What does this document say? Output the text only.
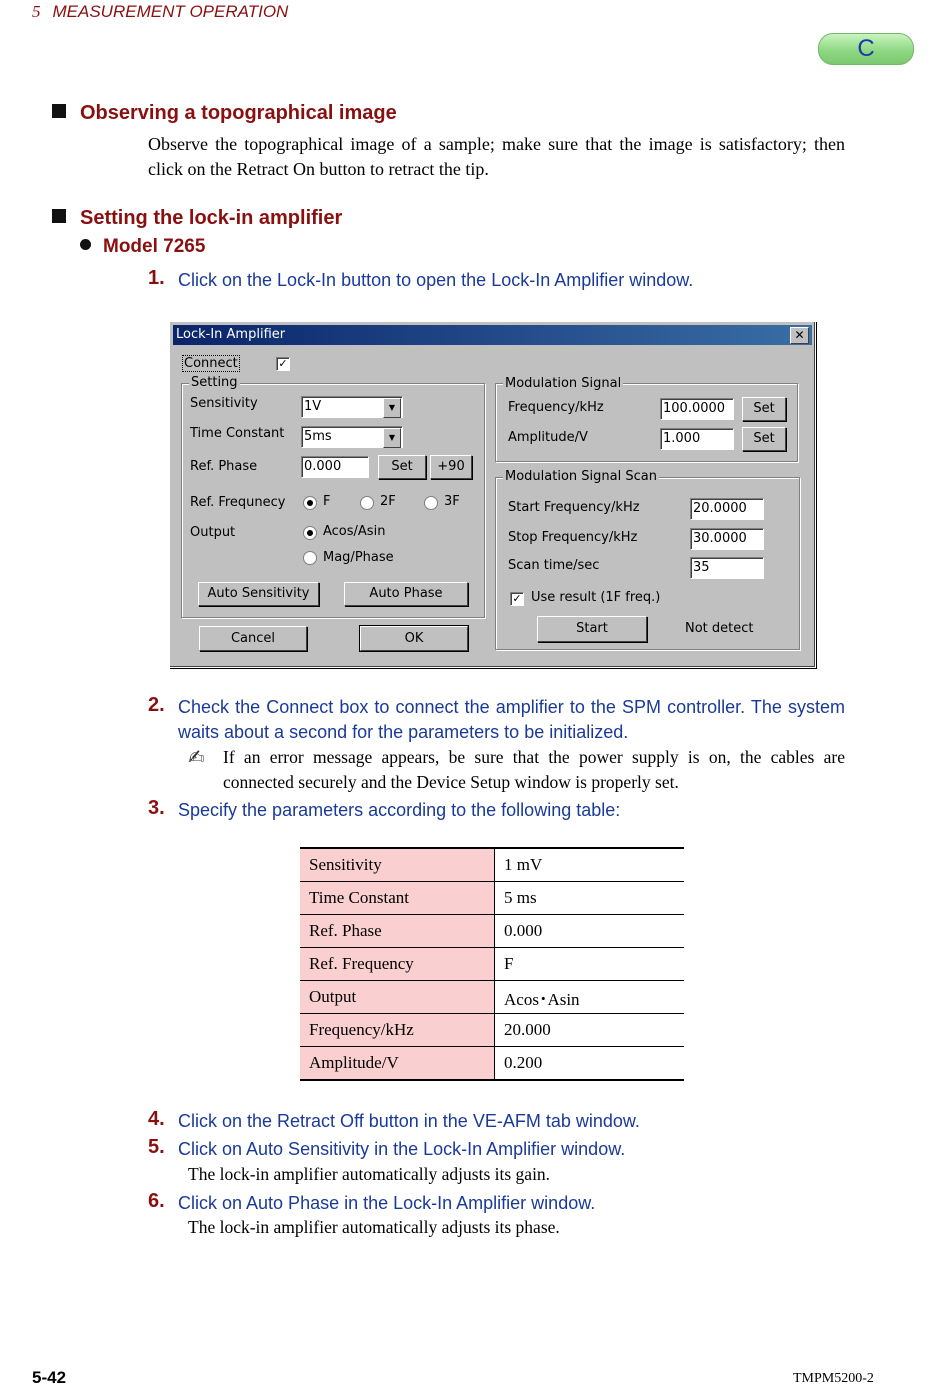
5 MEASUREMENT OPERATION
C
Observing a topographical image
Observe the topographical image of a sample; make sure that the image is satisfactory; then click on the Retract On button to retract the tip.
Setting the lock-in amplifier
Model 7265
1. Click on the Lock-In button to open the Lock-In Amplifier window.
Lock-In Amplifier	✕
Connect	✓
Setting
Sensitivity	1V	▼
Time Constant 5ms	▼
Ref. Phase	0.000	Set	+90
Ref. Frequnecy	F	2F	3F
Output	Acos/Asin
Mag/Phase
Auto Sensitivity	Auto Phase
Cancel	OK
Modulation Signal
Frequency/kHz	100.0000	Set
Amplitude/V	1.000	Set
Modulation Signal Scan
Start Frequency/kHz	20.0000
Stop Frequency/kHz	30.0000
Scan time/sec	35
✓ Use result (1F freq.)
Start	Not detect
2. Check the Connect box to connect the amplifier to the SPM controller. The system waits about a second for the parameters to be initialized.
✍ If an error message appears, be sure that the power supply is on, the cables are connected securely and the Device Setup window is properly set.
3. Specify the parameters according to the following table:
Sensitivity	1 mV
Time Constant	5 ms
Ref. Phase	0.000
Ref. Frequency	F
Output	Acos･Asin
Frequency/kHz	20.000
Amplitude/V	0.200
4. Click on the Retract Off button in the VE-AFM tab window.
5. Click on Auto Sensitivity in the Lock-In Amplifier window.
The lock-in amplifier automatically adjusts its gain.
6. Click on Auto Phase in the Lock-In Amplifier window.
The lock-in amplifier automatically adjusts its phase.
5-42	TMPM5200-2
